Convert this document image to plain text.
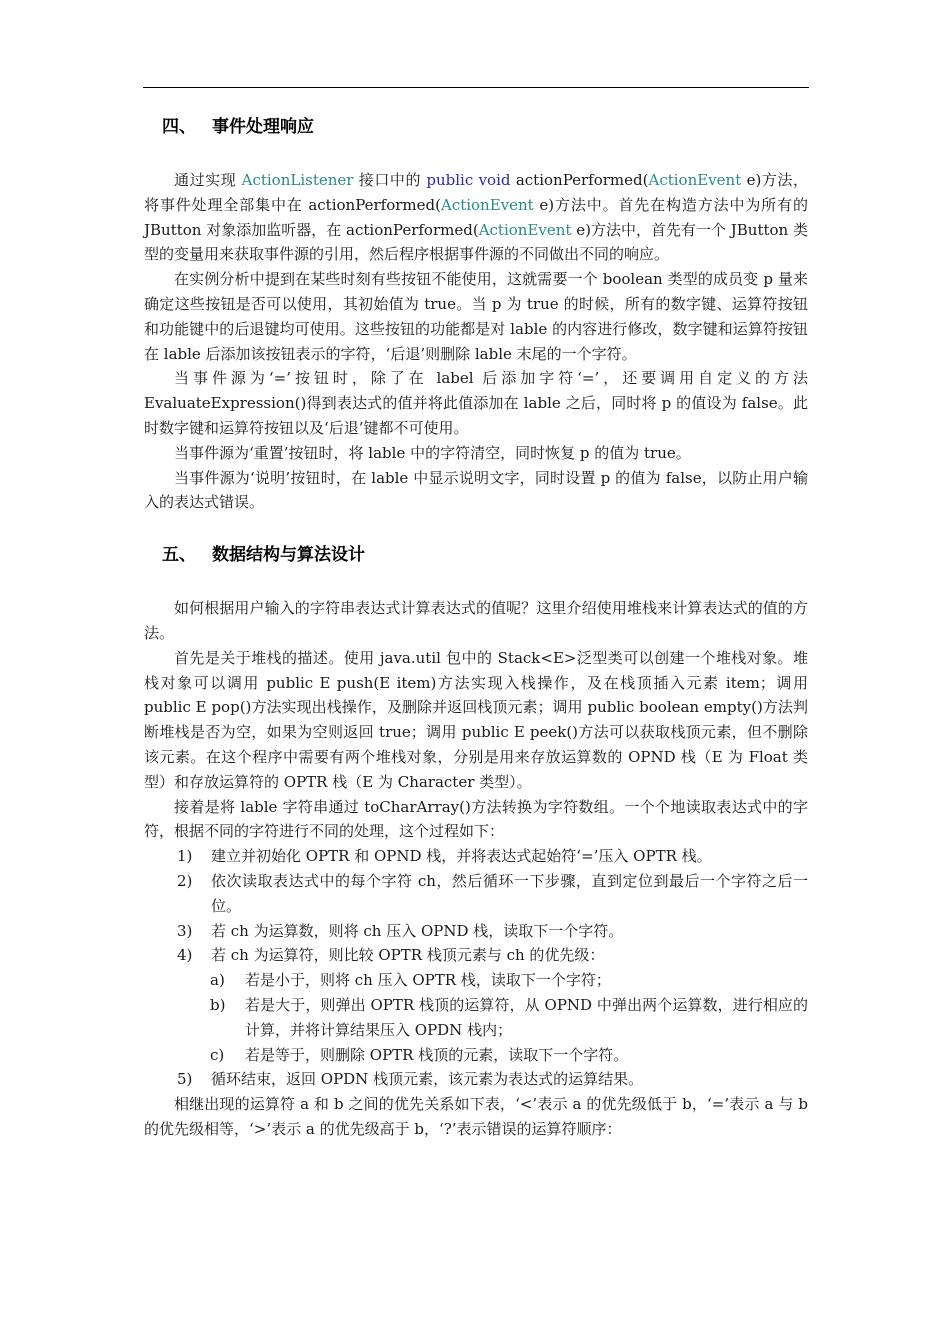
四、 事件处理响应

通过实现 ActionListener 接口中的 public void actionPerformed(ActionEvent e)方法，将事件处理全部集中在 actionPerformed(ActionEvent e)方法中。首先在构造方法中为所有的 JButton 对象添加监听器，在 actionPerformed(ActionEvent e)方法中，首先有一个 JButton 类型的变量用来获取事件源的引用，然后程序根据事件源的不同做出不同的响应。

在实例分析中提到在某些时刻有些按钮不能使用，这就需要一个 boolean 类型的成员变 p 量来确定这些按钮是否可以使用，其初始值为 true。当 p 为 true 的时候，所有的数字键、运算符按钮和功能键中的后退键均可使用。这些按钮的功能都是对 lable 的内容进行修改，数字键和运算符按钮在 lable 后添加该按钮表示的字符，‘后退’则删除 lable 末尾的一个字符。

当事件源为‘=’按钮时，除了在 label 后添加字符‘=’，还要调用自定义的方法 EvaluateExpression()得到表达式的值并将此值添加在 lable 之后，同时将 p 的值设为 false。此时数字键和运算符按钮以及‘后退’键都不可使用。

当事件源为‘重置’按钮时，将 lable 中的字符清空，同时恢复 p 的值为 true。

当事件源为‘说明’按钮时，在 lable 中显示说明文字，同时设置 p 的值为 false，以防止用户输入的表达式错误。

五、 数据结构与算法设计

如何根据用户输入的字符串表达式计算表达式的值呢？这里介绍使用堆栈来计算表达式的值的方法。

首先是关于堆栈的描述。使用 java.util 包中的 Stack<E>泛型类可以创建一个堆栈对象。堆栈对象可以调用 public E push(E item)方法实现入栈操作，及在栈顶插入元素 item；调用 public E pop()方法实现出栈操作，及删除并返回栈顶元素；调用 public boolean empty()方法判断堆栈是否为空，如果为空则返回 true；调用 public E peek()方法可以获取栈顶元素，但不删除该元素。在这个程序中需要有两个堆栈对象，分别是用来存放运算数的 OPND 栈（E 为 Float 类型）和存放运算符的 OPTR 栈（E 为 Character 类型）。

接着是将 lable 字符串通过 toCharArray()方法转换为字符数组。一个个地读取表达式中的字符，根据不同的字符进行不同的处理，这个过程如下：

1) 建立并初始化 OPTR 和 OPND 栈，并将表达式起始符‘=’压入 OPTR 栈。
2) 依次读取表达式中的每个字符 ch，然后循环一下步骤，直到定位到最后一个字符之后一位。
3) 若 ch 为运算数，则将 ch 压入 OPND 栈，读取下一个字符。
4) 若 ch 为运算符，则比较 OPTR 栈顶元素与 ch 的优先级：
a) 若是小于，则将 ch 压入 OPTR 栈，读取下一个字符；
b) 若是大于，则弹出 OPTR 栈顶的运算符，从 OPND 中弹出两个运算数，进行相应的计算，并将计算结果压入 OPDN 栈内；
c) 若是等于，则删除 OPTR 栈顶的元素，读取下一个字符。
5) 循环结束，返回 OPDN 栈顶元素，该元素为表达式的运算结果。

相继出现的运算符 a 和 b 之间的优先关系如下表，‘<’表示 a 的优先级低于 b，‘=’表示 a 与 b 的优先级相等，‘>’表示 a 的优先级高于 b，‘?’表示错误的运算符顺序：
